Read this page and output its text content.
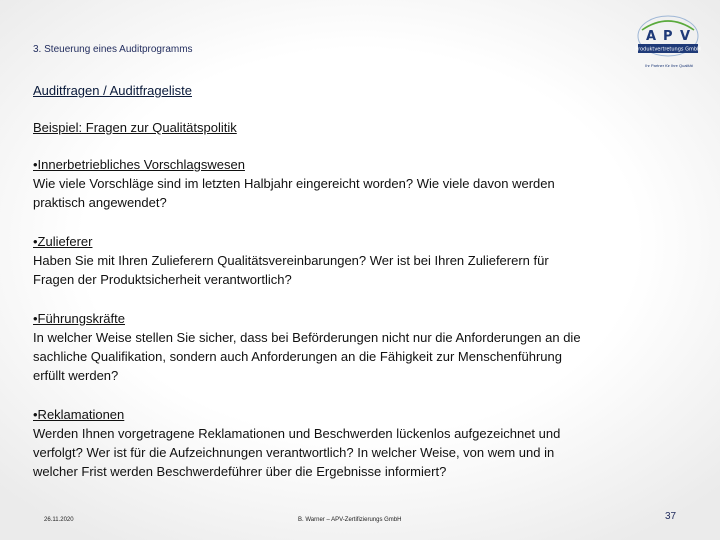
3. Steuerung eines Auditprogramms
A P V
Produktvertretungs GmbH
Ihr Partner für Ihre Qualität
Auditfragen / Auditfrageliste
Beispiel: Fragen zur Qualitätspolitik
•Innerbetriebliches Vorschlagswesen
Wie viele Vorschläge sind im letzten Halbjahr eingereicht worden? Wie viele davon werden
praktisch angewendet?
•Zulieferer
Haben Sie mit Ihren Zulieferern Qualitätsvereinbarungen? Wer ist bei Ihren Zulieferern für
Fragen der Produktsicherheit verantwortlich?
•Führungskräfte
In welcher Weise stellen Sie sicher, dass bei Beförderungen nicht nur die Anforderungen an die
sachliche Qualifikation, sondern auch Anforderungen an die Fähigkeit zur Menschenführung
erfüllt werden?
•Reklamationen
Werden Ihnen vorgetragene Reklamationen und Beschwerden lückenlos aufgezeichnet und
verfolgt? Wer ist für die Aufzeichnungen verantwortlich? In welcher Weise, von wem und in
welcher Frist werden Beschwerdeführer über die Ergebnisse informiert?
26.11.2020	B. Warner – APV-Zertifizierungs GmbH	37
